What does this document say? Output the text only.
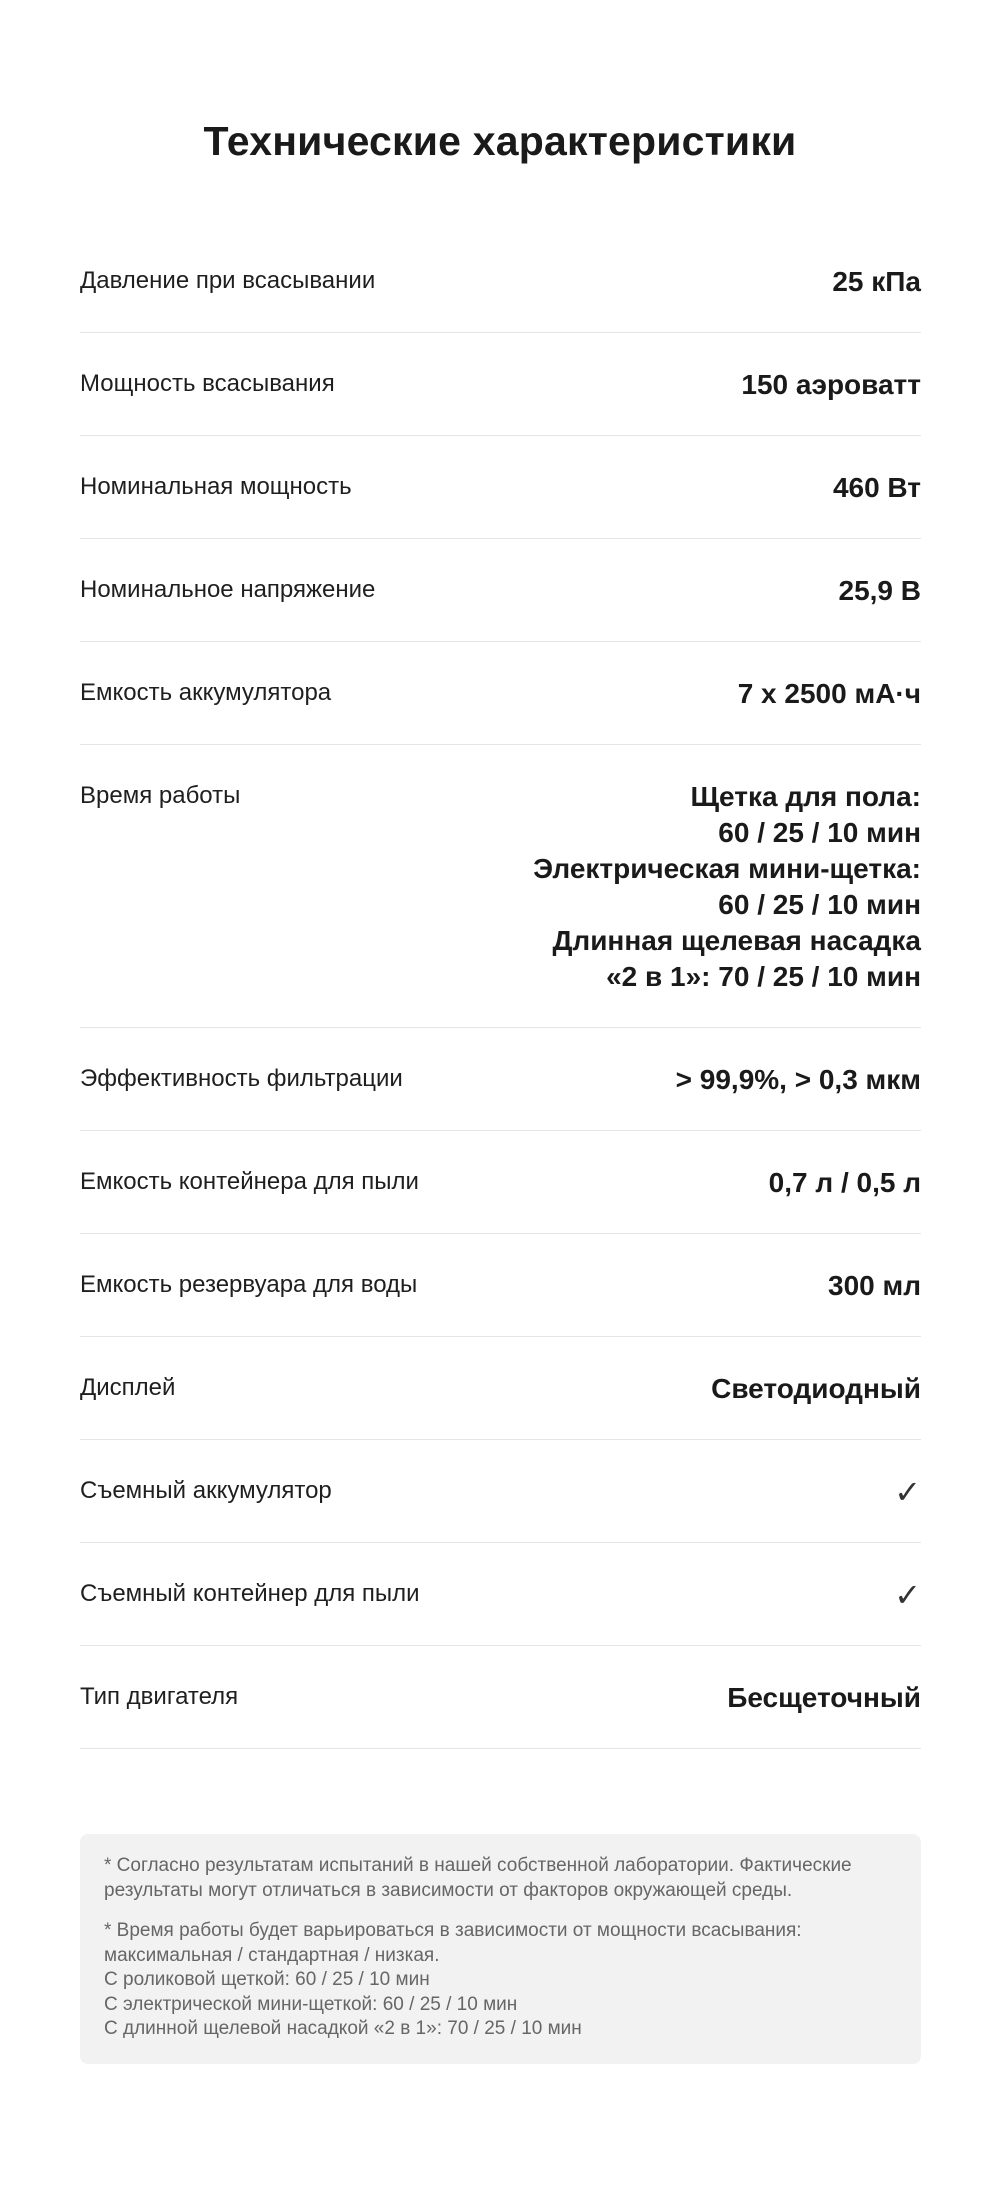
Технические характеристики
Давление при всасывании	25 кПа
Мощность всасывания	150 аэроватт
Номинальная мощность	460 Вт
Номинальное напряжение	25,9 В
Емкость аккумулятора	7 x 2500 мА·ч
Время работы	Щетка для пола:
60 / 25 / 10 мин
Электрическая мини-щетка:
60 / 25 / 10 мин
Длинная щелевая насадка
«2 в 1»: 70 / 25 / 10 мин
Эффективность фильтрации	> 99,9%, > 0,3 мкм
Емкость контейнера для пыли	0,7 л / 0,5 л
Емкость резервуара для воды	300 мл
Дисплей	Светодиодный
Съемный аккумулятор	✓
Съемный контейнер для пыли	✓
Тип двигателя	Бесщеточный

* Согласно результатам испытаний в нашей собственной лаборатории. Фактические результаты могут отличаться в зависимости от факторов окружающей среды.

* Время работы будет варьироваться в зависимости от мощности всасывания: максимальная / стандартная / низкая.
С роликовой щеткой: 60 / 25 / 10 мин
С электрической мини-щеткой: 60 / 25 / 10 мин
С длинной щелевой насадкой «2 в 1»: 70 / 25 / 10 мин
